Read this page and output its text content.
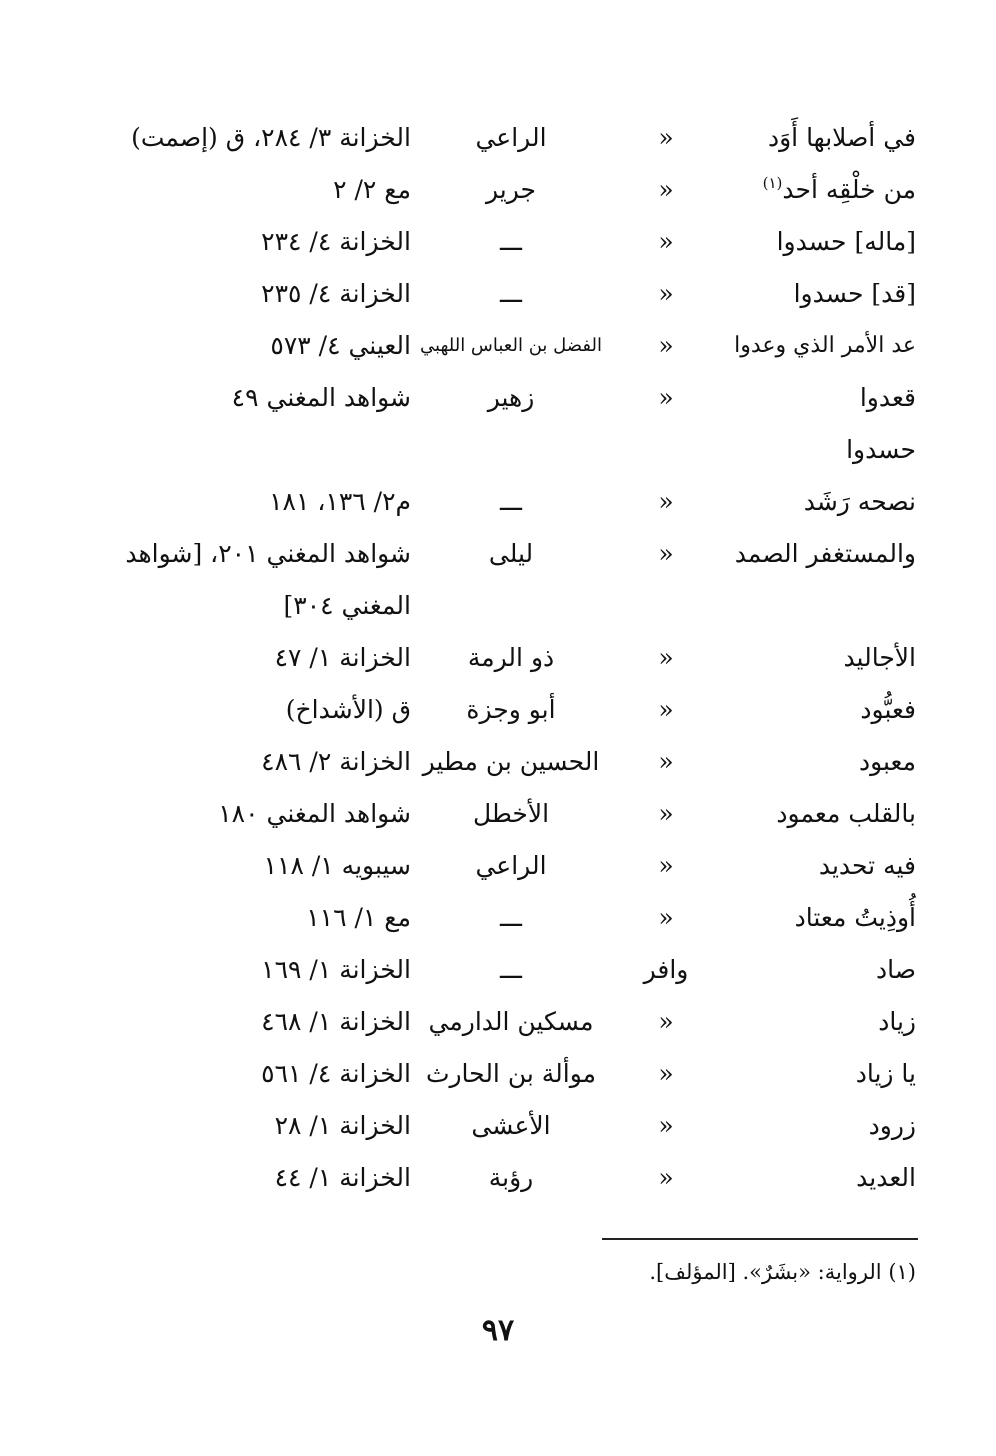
في أصلابها أَوَد
«
الراعي
الخزانة ٣/ ٢٨٤، ق (إصمت)
من خلْقِه أحد$^{(١)}$
«
جرير
مع ٢/ ٢
[ماله] حسدوا
«
ـــ
الخزانة ٤/ ٢٣٤
[قد] حسدوا
«
ـــ
الخزانة ٤/ ٢٣٥
عد الأمر الذي وعدوا
«
الفضل بن العباس اللهبي
العيني ٤/ ٥٧٣
قعدوا
«
زهير
شواهد المغني ٤٩
حسدوا
نصحه رَشَد
«
ـــ
م٢/ ١٣٦، ١٨١
والمستغفر الصمد
«
ليلى
شواهد المغني ٢٠١، [شواهد المغني ٣٠٤]
الأجاليد
«
ذو الرمة
الخزانة ١/ ٤٧
فعبُّود
«
أبو وجزة
ق (الأشداخ)
معبود
«
الحسين بن مطير
الخزانة ٢/ ٤٨٦
بالقلب معمود
«
الأخطل
شواهد المغني ١٨٠
فيه تحديد
«
الراعي
سيبويه ١/ ١١٨
أُوذِيتُ معتاد
«
ـــ
مع ١/ ١١٦
صاد
وافر
ـــ
الخزانة ١/ ١٦٩
زياد
«
مسكين الدارمي
الخزانة ١/ ٤٦٨
يا زياد
«
موألة بن الحارث
الخزانة ٤/ ٥٦١
زرود
«
الأعشى
الخزانة ١/ ٢٨
العديد
«
رؤبة
الخزانة ١/ ٤٤
(١) الرواية: «بشَرٌ». [المؤلف].
٩٧
